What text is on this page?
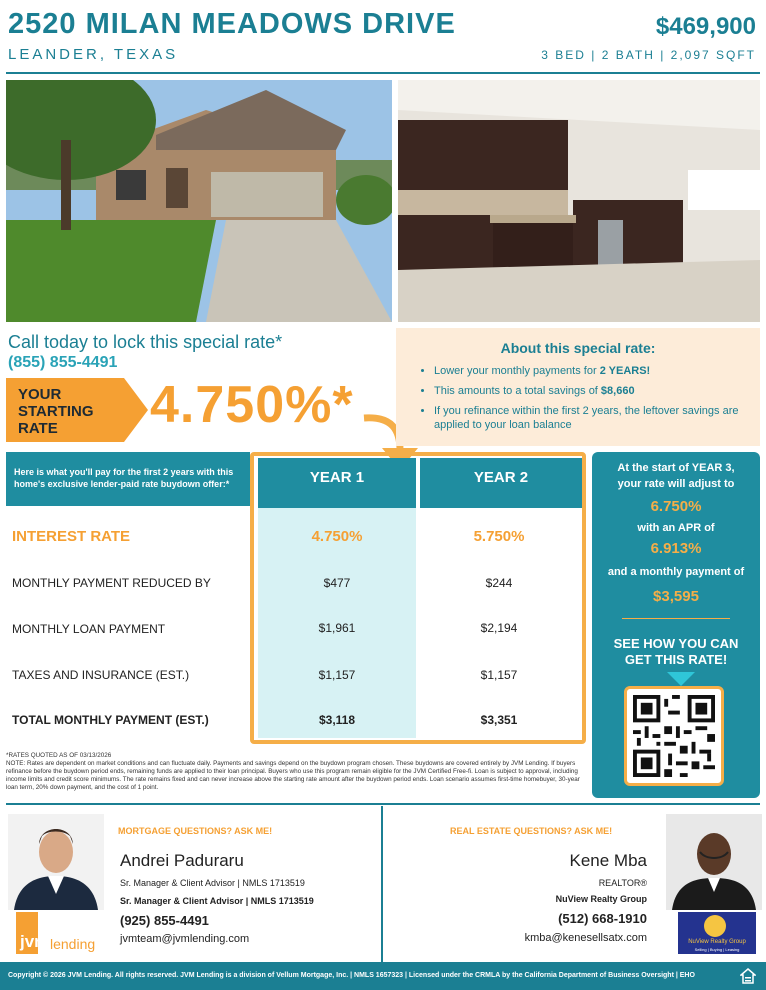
2520 MILAN MEADOWS DRIVE
LEANDER, TEXAS
$469,900
3 BED | 2 BATH | 2,097 SQFT
Call today to lock this special rate*
(855) 855-4491
YOUR
STARTING
RATE	4.750%*
About this special rate:
• Lower your monthly payments for 2 YEARS!
• This amounts to a total savings of $8,660
• If you refinance within the first 2 years, the leftover savings are applied to your loan balance
Here is what you'll pay for the first 2 years with this home's exclusive lender-paid rate buydown offer:*	YEAR 1	YEAR 2
INTEREST RATE	4.750%	5.750%
MONTHLY PAYMENT REDUCED BY	$477	$244
MONTHLY LOAN PAYMENT	$1,961	$2,194
TAXES AND INSURANCE (EST.)	$1,157	$1,157
TOTAL MONTHLY PAYMENT (EST.)	$3,118	$3,351
At the start of YEAR 3,
your rate will adjust to
6.750%
with an APR of
6.913%
and a monthly payment of
$3,595
SEE HOW YOU CAN
GET THIS RATE!
*RATES QUOTED AS OF 03/13/2026
NOTE: Rates are dependent on market conditions and can fluctuate daily. Payments and savings depend on the buydown program chosen. These buydowns are covered entirely by JVM Lending. If buyers refinance before the buydown period ends, remaining funds are applied to their loan principal. Buyers who use this program remain eligible for the JVM Certified Free-fi. Loan is subject to approval, including income limits and credit score minimums. The rate remains fixed and can never increase above the starting rate amount after the buydown period ends. Loan scenario assumes first-time homebuyer, 30-year loan term, 20% down payment, and the cost of 1 point.
jvm lending
MORTGAGE QUESTIONS? ASK ME!
Andrei Paduraru
Sr. Manager & Client Advisor | NMLS 1713519
Sr. Manager & Client Advisor | NMLS 1713519
(925) 855-4491
jvmteam@jvmlending.com
REAL ESTATE QUESTIONS? ASK ME!
NuView Realty Group
Selling | Buying | Leasing
Kene Mba
REALTOR®
NuView Realty Group
(512) 668-1910
kmba@kenesellsatx.com
Copyright © 2026 JVM Lending. All rights reserved. JVM Lending is a division of Vellum Mortgage, Inc. | NMLS 1657323 | Licensed under the CRMLA by the California Department of Business Oversight | EHO
